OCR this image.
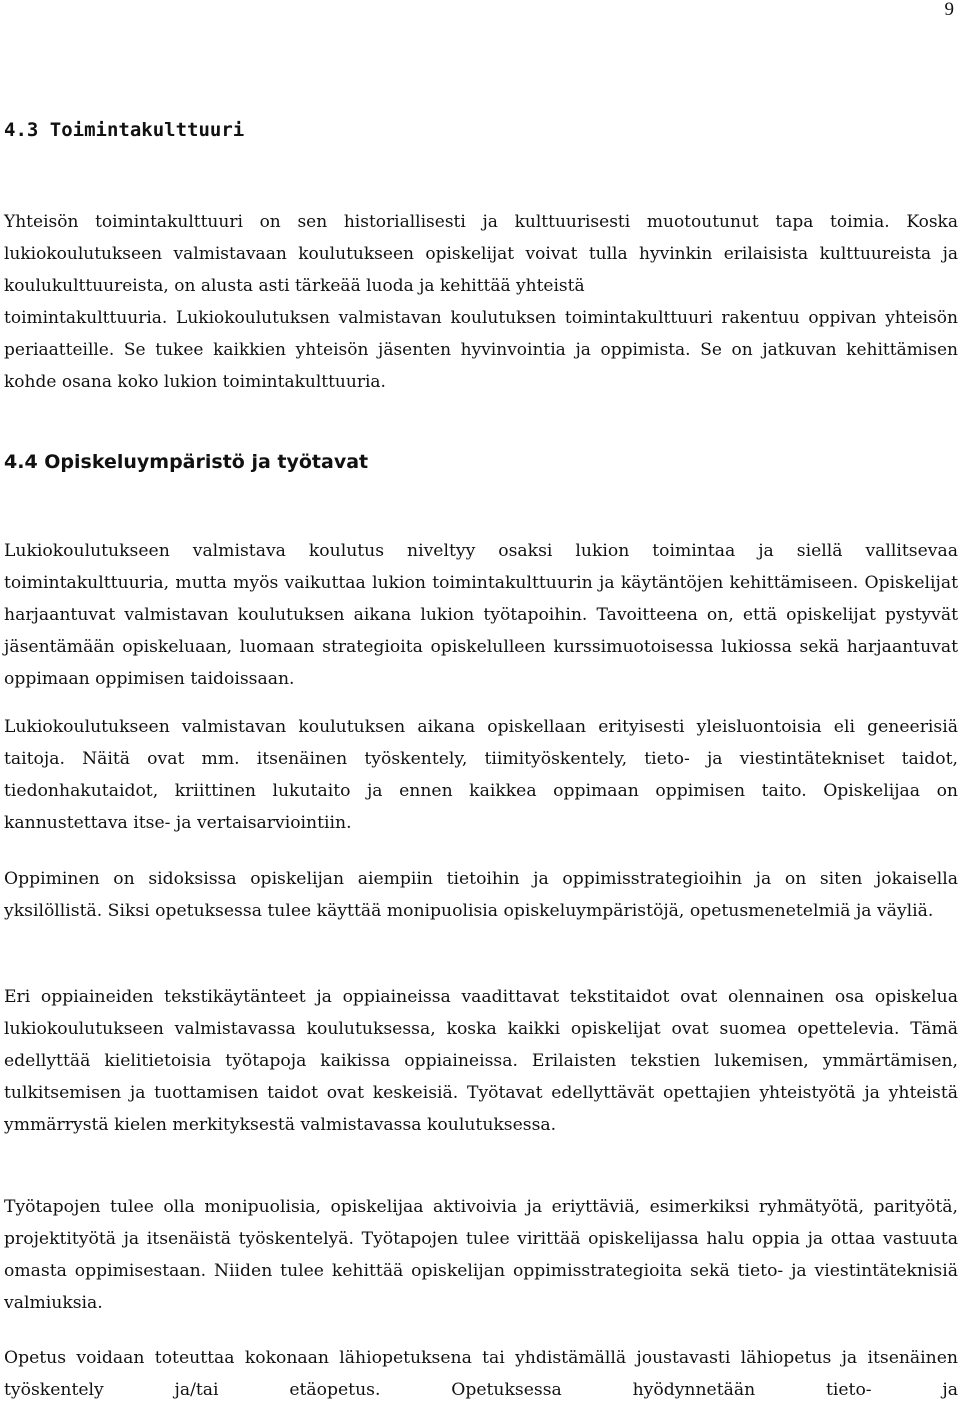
9
4.3 Toimintakulttuuri

Yhteisön toimintakulttuuri on sen historiallisesti ja kulttuurisesti muotoutunut tapa toimia. Koska lukiokoulutukseen valmistavaan koulutukseen opiskelijat voivat tulla hyvinkin erilaisista kulttuureista ja koulukulttuureista, on alusta asti tärkeää luoda ja kehittää yhteistä

toimintakulttuuria. Lukiokoulutuksen valmistavan koulutuksen toimintakulttuuri rakentuu oppivan yhteisön periaatteille. Se tukee kaikkien yhteisön jäsenten hyvinvointia ja oppimista. Se on jatkuvan kehittämisen kohde osana koko lukion toimintakulttuuria.

4.4 Opiskeluympäristö ja työtavat

Lukiokoulutukseen valmistava koulutus niveltyy osaksi lukion toimintaa ja siellä vallitsevaa toimintakulttuuria, mutta myös vaikuttaa lukion toimintakulttuurin ja käytäntöjen kehittämiseen. Opiskelijat harjaantuvat valmistavan koulutuksen aikana lukion työtapoihin. Tavoitteena on, että opiskelijat pystyvät jäsentämään opiskeluaan, luomaan strategioita opiskelulleen kurssimuotoisessa lukiossa sekä harjaantuvat oppimaan oppimisen taidoissaan.

Lukiokoulutukseen valmistavan koulutuksen aikana opiskellaan erityisesti yleisluontoisia eli geneerisiä taitoja. Näitä ovat mm. itsenäinen työskentely, tiimityöskentely, tieto- ja viestintätekniset taidot, tiedonhakutaidot, kriittinen lukutaito ja ennen kaikkea oppimaan oppimisen taito. Opiskelijaa on kannustettava itse- ja vertaisarviointiin.

Oppiminen on sidoksissa opiskelijan aiempiin tietoihin ja oppimisstrategioihin ja on siten jokaisella yksilöllistä. Siksi opetuksessa tulee käyttää monipuolisia opiskeluympäristöjä, opetusmenetelmiä ja väyliä.

Eri oppiaineiden tekstikäytänteet ja oppiaineissa vaadittavat tekstitaidot ovat olennainen osa opiskelua lukiokoulutukseen valmistavassa koulutuksessa, koska kaikki opiskelijat ovat suomea opettelevia. Tämä edellyttää kielitietoisia työtapoja kaikissa oppiaineissa. Erilaisten tekstien lukemisen, ymmärtämisen, tulkitsemisen ja tuottamisen taidot ovat keskeisiä. Työtavat edellyttävät opettajien yhteistyötä ja yhteistä ymmärrystä kielen merkityksestä valmistavassa koulutuksessa.

Työtapojen tulee olla monipuolisia, opiskelijaa aktivoivia ja eriyttäviä, esimerkiksi ryhmätyötä, parityötä, projektityötä ja itsenäistä työskentelyä. Työtapojen tulee virittää opiskelijassa halu oppia ja ottaa vastuuta omasta oppimisestaan. Niiden tulee kehittää opiskelijan oppimisstrategioita sekä tieto- ja viestintäteknisiä valmiuksia.

Opetus voidaan toteuttaa kokonaan lähiopetuksena tai yhdistämällä joustavasti lähiopetus ja itsenäinen työskentely ja/tai etäopetus. Opetuksessa hyödynnetään tieto- ja
